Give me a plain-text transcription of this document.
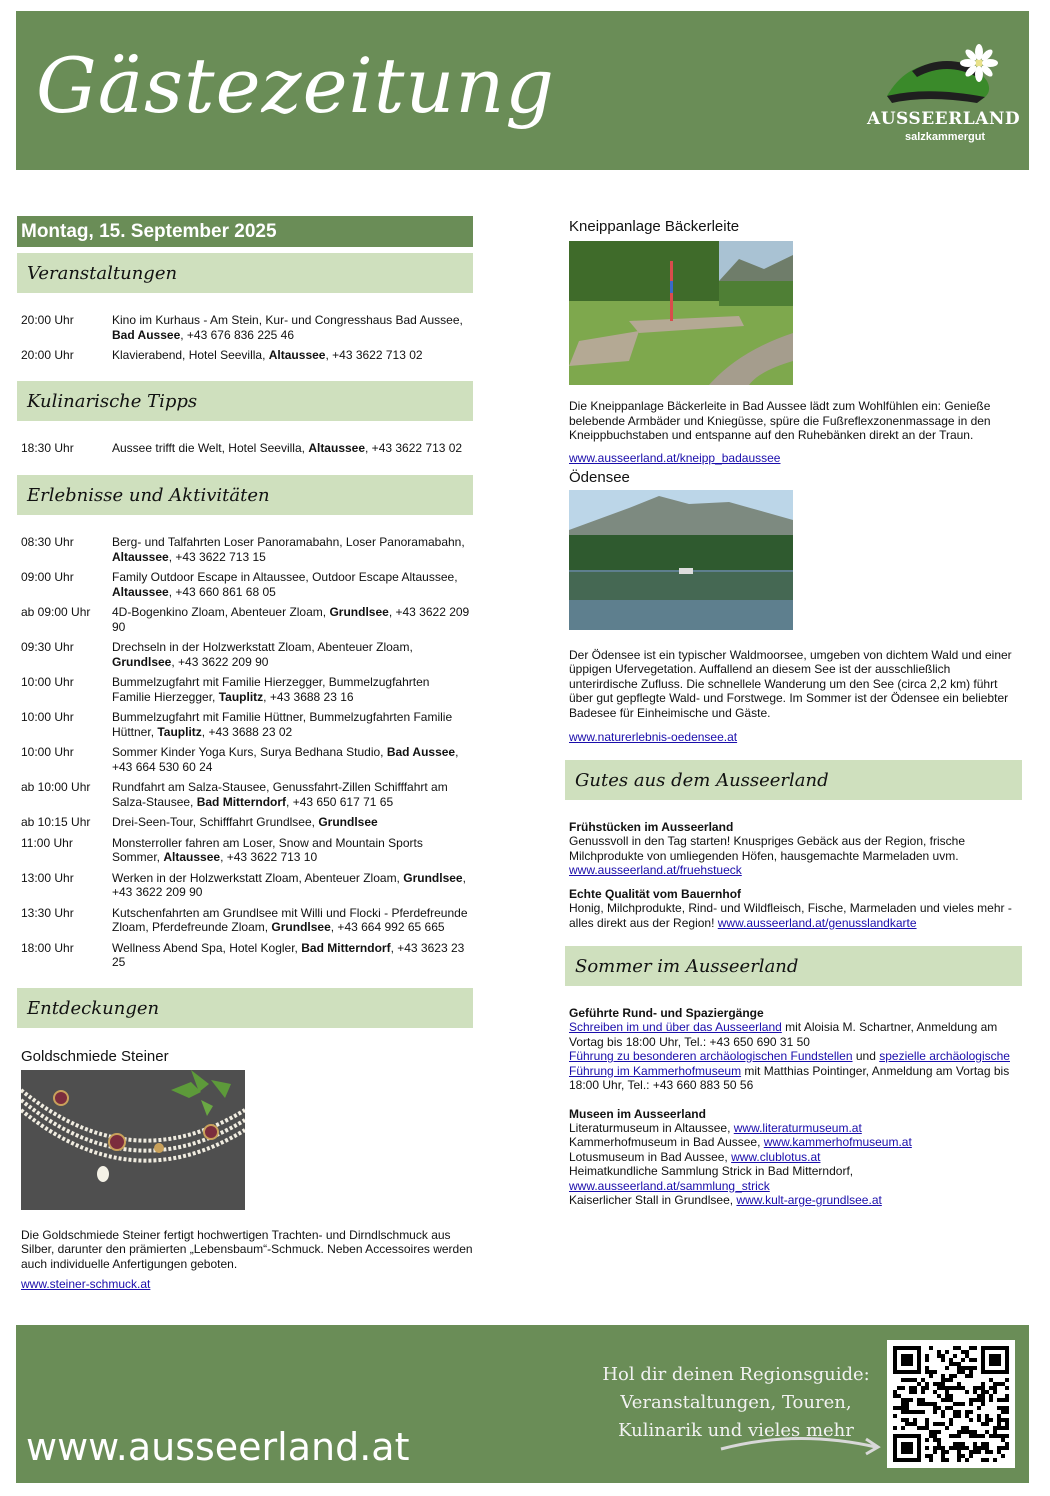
Gästezeitung	AUSSEERLAND
salzkammergut
Montag, 15. September 2025
Veranstaltungen
20:00 Uhr	Kino im Kurhaus - Am Stein, Kur- und Congresshaus Bad Aussee, Bad Aussee, +43 676 836 225 46
20:00 Uhr	Klavierabend, Hotel Seevilla, Altaussee, +43 3622 713 02
Kulinarische Tipps
18:30 Uhr	Aussee trifft die Welt, Hotel Seevilla, Altaussee, +43 3622 713 02
Erlebnisse und Aktivitäten
08:30 Uhr	Berg- und Talfahrten Loser Panoramabahn, Loser Panoramabahn, Altaussee, +43 3622 713 15
09:00 Uhr	Family Outdoor Escape in Altaussee, Outdoor Escape Altaussee, Altaussee, +43 660 861 68 05
ab 09:00 Uhr	4D-Bogenkino Zloam, Abenteuer Zloam, Grundlsee, +43 3622 209 90
09:30 Uhr	Drechseln in der Holzwerkstatt Zloam, Abenteuer Zloam, Grundlsee, +43 3622 209 90
10:00 Uhr	Bummelzugfahrt mit Familie Hierzegger, Bummelzugfahrten Familie Hierzegger, Tauplitz, +43 3688 23 16
10:00 Uhr	Bummelzugfahrt mit Familie Hüttner, Bummelzugfahrten Familie Hüttner, Tauplitz, +43 3688 23 02
10:00 Uhr	Sommer Kinder Yoga Kurs, Surya Bedhana Studio, Bad Aussee, +43 664 530 60 24
ab 10:00 Uhr	Rundfahrt am Salza-Stausee, Genussfahrt-Zillen Schifffahrt am Salza-Stausee, Bad Mitterndorf, +43 650 617 71 65
ab 10:15 Uhr	Drei-Seen-Tour, Schifffahrt Grundlsee, Grundlsee
11:00 Uhr	Monsterroller fahren am Loser, Snow and Mountain Sports Sommer, Altaussee, +43 3622 713 10
13:00 Uhr	Werken in der Holzwerkstatt Zloam, Abenteuer Zloam, Grundlsee, +43 3622 209 90
13:30 Uhr	Kutschenfahrten am Grundlsee mit Willi und Flocki - Pferdefreunde Zloam, Pferdefreunde Zloam, Grundlsee, +43 664 992 65 665
18:00 Uhr	Wellness Abend Spa, Hotel Kogler, Bad Mitterndorf, +43 3623 23 25
Entdeckungen
Goldschmiede Steiner
Die Goldschmiede Steiner fertigt hochwertigen Trachten- und Dirndlschmuck aus Silber, darunter den prämierten „Lebensbaum“-Schmuck. Neben Accessoires werden auch individuelle Anfertigungen geboten.
www.steiner-schmuck.at
Kneippanlage Bäckerleite
Die Kneippanlage Bäckerleite in Bad Aussee lädt zum Wohlfühlen ein: Genieße belebende Armbäder und Kniegüsse, spüre die Fußreflexzonenmassage in den Kneippbuchstaben und entspanne auf den Ruhebänken direkt an der Traun.
www.ausseerland.at/kneipp_badaussee
Ödensee
Der Ödensee ist ein typischer Waldmoorsee, umgeben von dichtem Wald und einer üppigen Ufervegetation. Auffallend an diesem See ist der ausschließlich unterirdische Zufluss. Die schnellele Wanderung um den See (circa 2,2 km) führt über gut gepflegte Wald- und Forstwege. Im Sommer ist der Ödensee ein beliebter Badesee für Einheimische und Gäste.
www.naturerlebnis-oedensee.at
Gutes aus dem Ausseerland
Frühstücken im Ausseerland
Genussvoll in den Tag starten! Knuspriges Gebäck aus der Region, frische Milchprodukte von umliegenden Höfen, hausgemachte Marmeladen uvm.
www.ausseerland.at/fruehstueck
Echte Qualität vom Bauernhof
Honig, Milchprodukte, Rind- und Wildfleisch, Fische, Marmeladen und vieles mehr - alles direkt aus der Region! www.ausseerland.at/genusslandkarte
Sommer im Ausseerland
Geführte Rund- und Spaziergänge
Schreiben im und über das Ausseerland mit Aloisia M. Schartner, Anmeldung am Vortag bis 18:00 Uhr, Tel.: +43 650 690 31 50
Führung zu besonderen archäologischen Fundstellen und spezielle archäologische Führung im Kammerhofmuseum mit Matthias Pointinger, Anmeldung am Vortag bis 18:00 Uhr, Tel.: +43 660 883 50 56
Museen im Ausseerland
Literaturmuseum in Altaussee, www.literaturmuseum.at
Kammerhofmuseum in Bad Aussee, www.kammerhofmuseum.at
Lotusmuseum in Bad Aussee, www.clublotus.at
Heimatkundliche Sammlung Strick in Bad Mitterndorf, www.ausseerland.at/sammlung_strick
Kaiserlicher Stall in Grundlsee, www.kult-arge-grundlsee.at
www.ausseerland.at
Hol dir deinen Regionsguide:
Veranstaltungen, Touren,
Kulinarik und vieles mehr
